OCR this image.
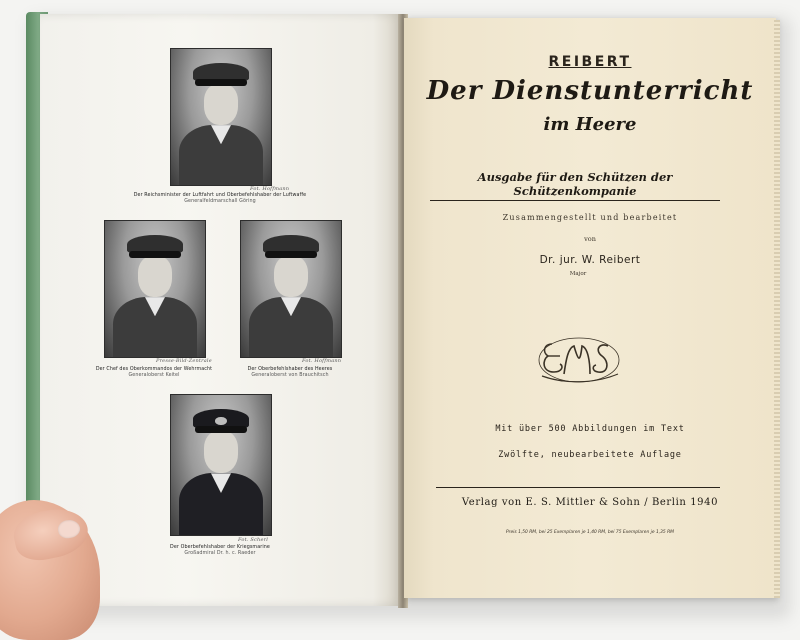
Fot. Hoffmann
Der Reichsminister der Luftfahrt und Oberbefehlshaber der Luftwaffe
Generalfeldmarschall Göring
Presse-Bild-Zentrale
Der Chef des Oberkommandos der Wehrmacht
Generaloberst Keitel
Fot. Hoffmann
Der Oberbefehlshaber des Heeres
Generaloberst von Brauchitsch
Fot. Scherl
Der Oberbefehlshaber der Kriegsmarine
Großadmiral Dr. h. c. Raeder
REIBERT
Der Dienstunterricht
im Heere
Ausgabe für den Schützen der Schützenkompanie
Zusammengestellt und bearbeitet
von
Dr. jur. W. Reibert
Major
Mit über 500 Abbildungen im Text
Zwölfte, neubearbeitete Auflage
Verlag von E. S. Mittler & Sohn / Berlin 1940
Preis 1,50 RM, bei 25 Exemplaren je 1,40 RM, bei 75 Exemplaren je 1,35 RM
